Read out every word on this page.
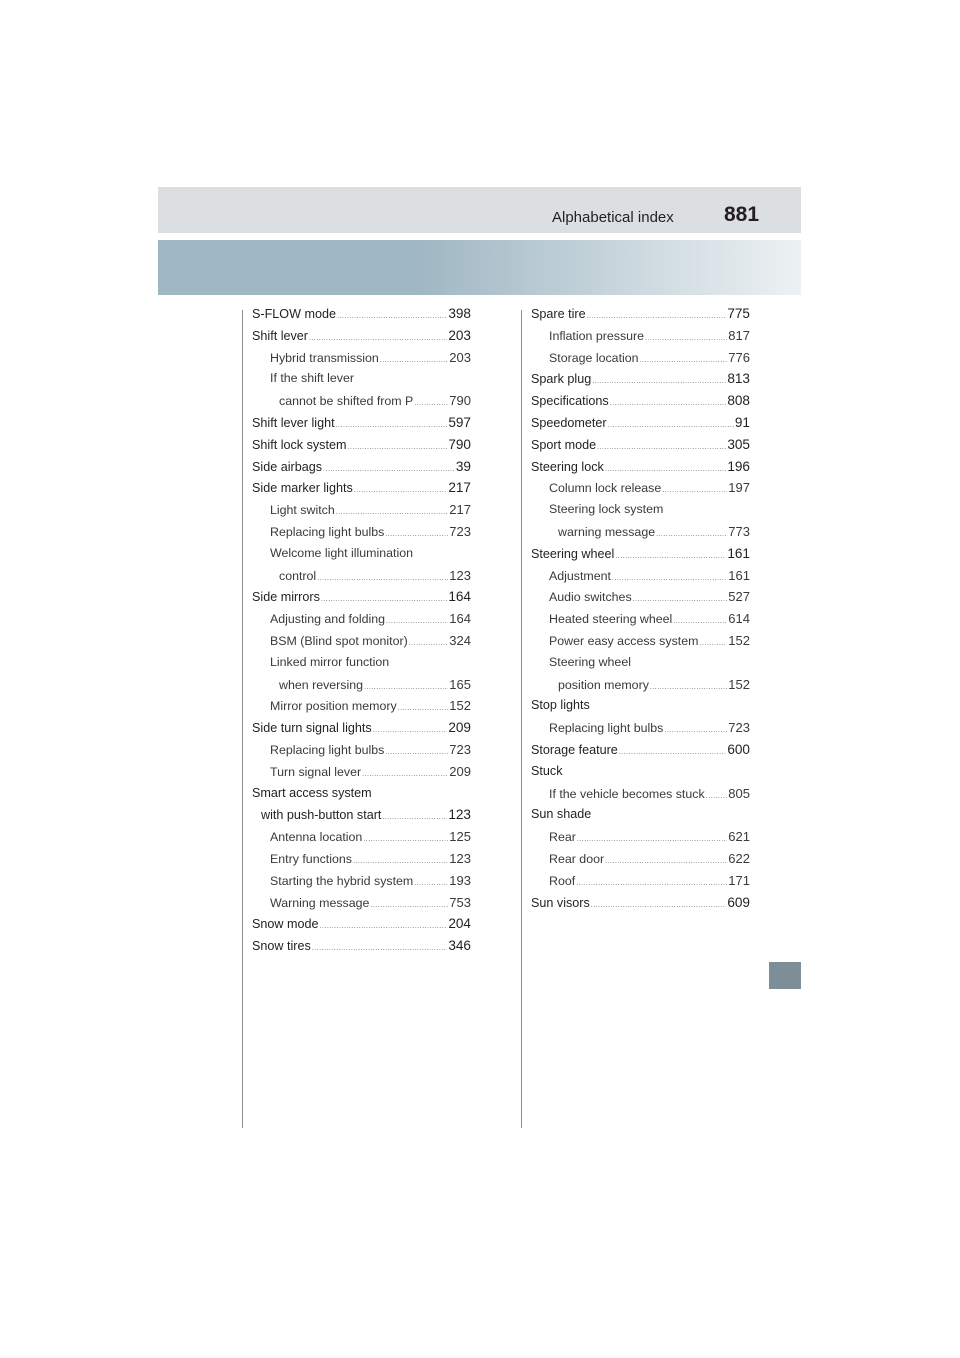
Alphabetical index 881
S-FLOW mode .....	398
Shift lever .....	203
Hybrid transmission .....	203
If the shift lever
cannot be shifted from P .....	790
Shift lever light .....	597
Shift lock system .....	790
Side airbags .....	39
Side marker lights .....	217
Light switch .....	217
Replacing light bulbs .....	723
Welcome light illumination
control .....	123
Side mirrors .....	164
Adjusting and folding .....	164
BSM (Blind spot monitor) .....	324
Linked mirror function
when reversing .....	165
Mirror position memory .....	152
Side turn signal lights .....	209
Replacing light bulbs .....	723
Turn signal lever .....	209
Smart access system
with push-button start .....	123
Antenna location .....	125
Entry functions .....	123
Starting the hybrid system .....	193
Warning message .....	753
Snow mode .....	204
Snow tires .....	346
Spare tire .....	775
Inflation pressure .....	817
Storage location .....	776
Spark plug .....	813
Specifications .....	808
Speedometer .....	91
Sport mode .....	305
Steering lock .....	196
Column lock release .....	197
Steering lock system
warning message .....	773
Steering wheel .....	161
Adjustment .....	161
Audio switches .....	527
Heated steering wheel .....	614
Power easy access system ..... 152
Steering wheel
position memory .....	152
Stop lights
Replacing light bulbs .....	723
Storage feature .....	600
Stuck
If the vehicle becomes stuck ..... 805
Sun shade
Rear .....	621
Rear door .....	622
Roof .....	171
Sun visors .....	609
